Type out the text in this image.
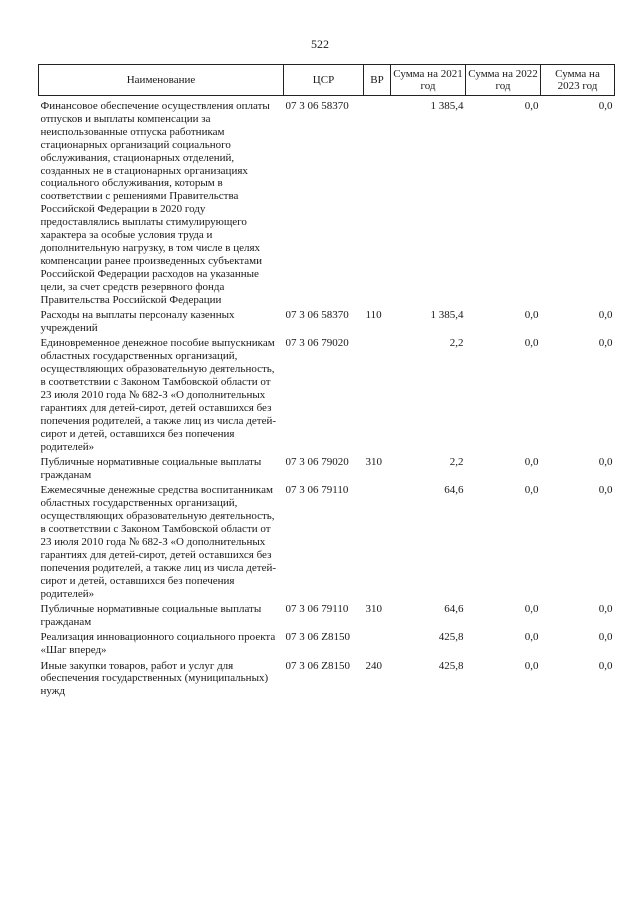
522
Наименование	ЦСР	ВР	Сумма на 2021 год	Сумма на 2022 год	Сумма на 2023 год
Финансовое обеспечение осуществления оплаты отпусков и выплаты компенсации за неиспользованные отпуска работникам стационарных организаций социального обслуживания, стационарных отделений, созданных не в стационарных организациях социального обслуживания, которым в соответствии с решениями Правительства Российской Федерации в 2020 году предоставлялись выплаты стимулирующего характера за особые условия труда и дополнительную нагрузку, в том числе в целях компенсации ранее произведенных субъектами Российской Федерации расходов на указанные цели, за счет средств резервного фонда Правительства Российской Федерации	07 3 06 58370		1 385,4	0,0	0,0
Расходы на выплаты персоналу казенных учреждений	07 3 06 58370	110	1 385,4	0,0	0,0
Единовременное денежное пособие выпускникам областных государственных организаций, осуществляющих образовательную деятельность, в соответствии с Законом Тамбовской области от 23 июля 2010 года № 682-З «О дополнительных гарантиях для детей-сирот, детей оставшихся без попечения родителей, а также лиц из числа детей-сирот и детей, оставшихся без попечения родителей»	07 3 06 79020		2,2	0,0	0,0
Публичные нормативные социальные выплаты гражданам	07 3 06 79020	310	2,2	0,0	0,0
Ежемесячные денежные средства воспитанникам областных государственных организаций, осуществляющих образовательную деятельность, в соответствии с Законом Тамбовской области от 23 июля 2010 года № 682-З «О дополнительных гарантиях для детей-сирот, детей оставшихся без попечения родителей, а также лиц из числа детей-сирот и детей, оставшихся без попечения родителей»	07 3 06 79110		64,6	0,0	0,0
Публичные нормативные социальные выплаты гражданам	07 3 06 79110	310	64,6	0,0	0,0
Реализация инновационного социального проекта «Шаг вперед»	07 3 06 Z8150		425,8	0,0	0,0
Иные закупки товаров, работ и услуг для обеспечения государственных (муниципальных) нужд	07 3 06 Z8150	240	425,8	0,0	0,0
